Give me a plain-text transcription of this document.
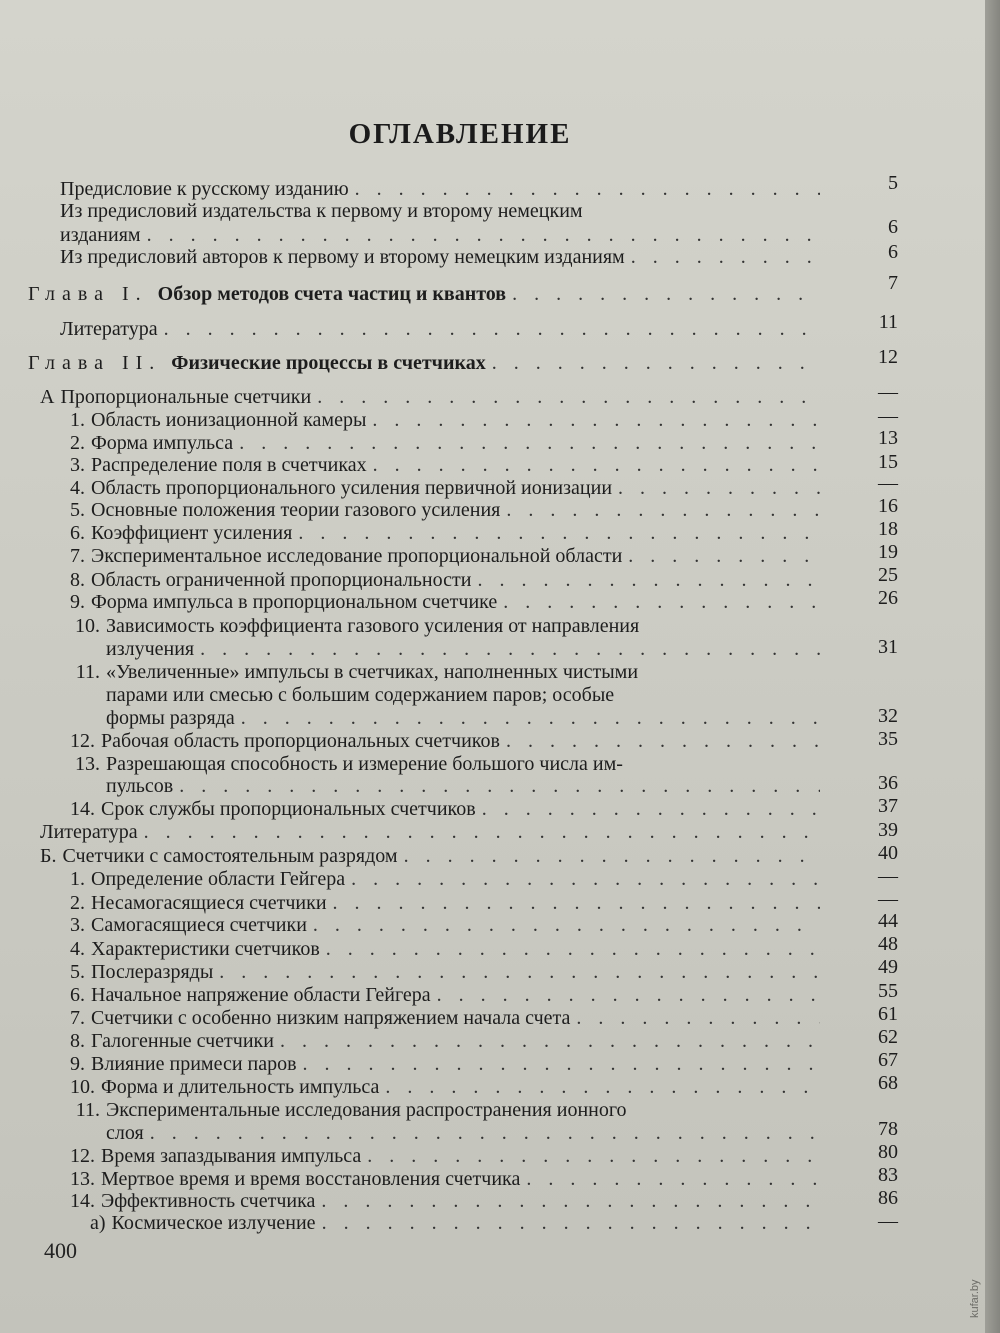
ОГЛАВЛЕНИЕ
Предисловие к русскому изданию . . .	5
Из предисловий издательства к первому и второму немецким
изданиям . . .	6
Из предисловий авторов к первому и второму немецким изданиям . . .	6
Глава I. Обзор методов счета частиц и квантов . . .	7
Литература . . .	11
Глава II. Физические процессы в счетчиках . . .	12
А Пропорциональные счетчики . . .	—
1. Область ионизационной камеры . . .	—
2. Форма импульса . . .	13
3. Распределение поля в счетчиках . . .	15
4. Область пропорционального усиления первичной ионизации . . .	—
5. Основные положения теории газового усиления . . .	16
6. Коэффициент усиления . . .	18
7. Экспериментальное исследование пропорциональной области . . .	19
8. Область ограниченной пропорциональности . . .	25
9. Форма импульса в пропорциональном счетчике . . .	26
10. Зависимость коэффициента газового усиления от направления
излучения . . .	31
11. «Увеличенные» импульсы в счетчиках, наполненных чистыми
парами или смесью с большим содержанием паров; особые
формы разряда . . .	32
12. Рабочая область пропорциональных счетчиков . . .	35
13. Разрешающая способность и измерение большого числа им-
пульсов . . .	36
14. Срок службы пропорциональных счетчиков . . .	37
Литература . . .	39
Б. Счетчики с самостоятельным разрядом . . .	40
1. Определение области Гейгера . . .	—
2. Несамогасящиеся счетчики . . .	—
3. Самогасящиеся счетчики . . .	44
4. Характеристики счетчиков . . .	48
5. Послеразряды . . .	49
6. Начальное напряжение области Гейгера . . .	55
7. Счетчики с особенно низким напряжением начала счета . . .	61
8. Галогенные счетчики . . .	62
9. Влияние примеси паров . . .	67
10. Форма и длительность импульса . . .	68
11. Экспериментальные исследования распространения ионного
слоя . . .	78
12. Время запаздывания импульса . . .	80
13. Мертвое время и время восстановления счетчика . . .	83
14. Эффективность счетчика . . .	86
а) Космическое излучение . . .	—
400
kufar.by
